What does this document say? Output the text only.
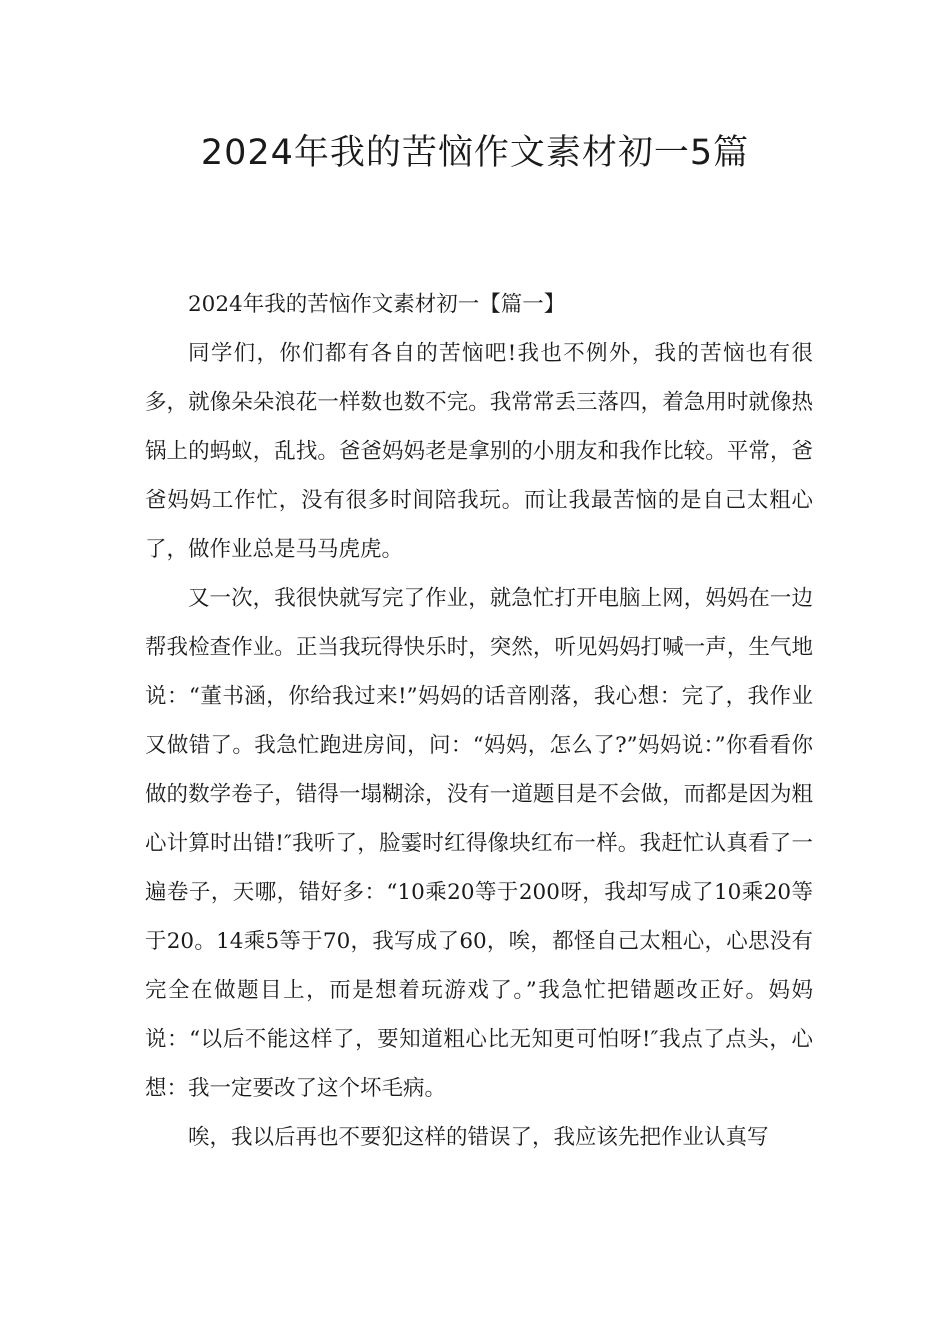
2024年我的苦恼作文素材初一5篇
2024年我的苦恼作文素材初一【篇一】

同学们，你们都有各自的苦恼吧!我也不例外，我的苦恼也有很多，就像朵朵浪花一样数也数不完。我常常丢三落四，着急用时就像热锅上的蚂蚁，乱找。爸爸妈妈老是拿别的小朋友和我作比较。平常，爸爸妈妈工作忙，没有很多时间陪我玩。而让我最苦恼的是自己太粗心了，做作业总是马马虎虎。

又一次，我很快就写完了作业，就急忙打开电脑上网，妈妈在一边帮我检查作业。正当我玩得快乐时，突然，听见妈妈打喊一声，生气地说：“董书涵，你给我过来!”妈妈的话音刚落，我心想：完了，我作业又做错了。我急忙跑进房间，问：“妈妈，怎么了?”妈妈说：”你看看你做的数学卷子，错得一塌糊涂，没有一道题目是不会做，而都是因为粗心计算时出错!″我听了，脸霎时红得像块红布一样。我赶忙认真看了一遍卷子，天哪，错好多：“10乘20等于200呀，我却写成了10乘20等于20。14乘5等于70，我写成了60，唉，都怪自己太粗心，心思没有完全在做题目上，而是想着玩游戏了。”我急忙把错题改正好。妈妈说：“以后不能这样了，要知道粗心比无知更可怕呀!″我点了点头，心想：我一定要改了这个坏毛病。

唉，我以后再也不要犯这样的错误了，我应该先把作业认真写
